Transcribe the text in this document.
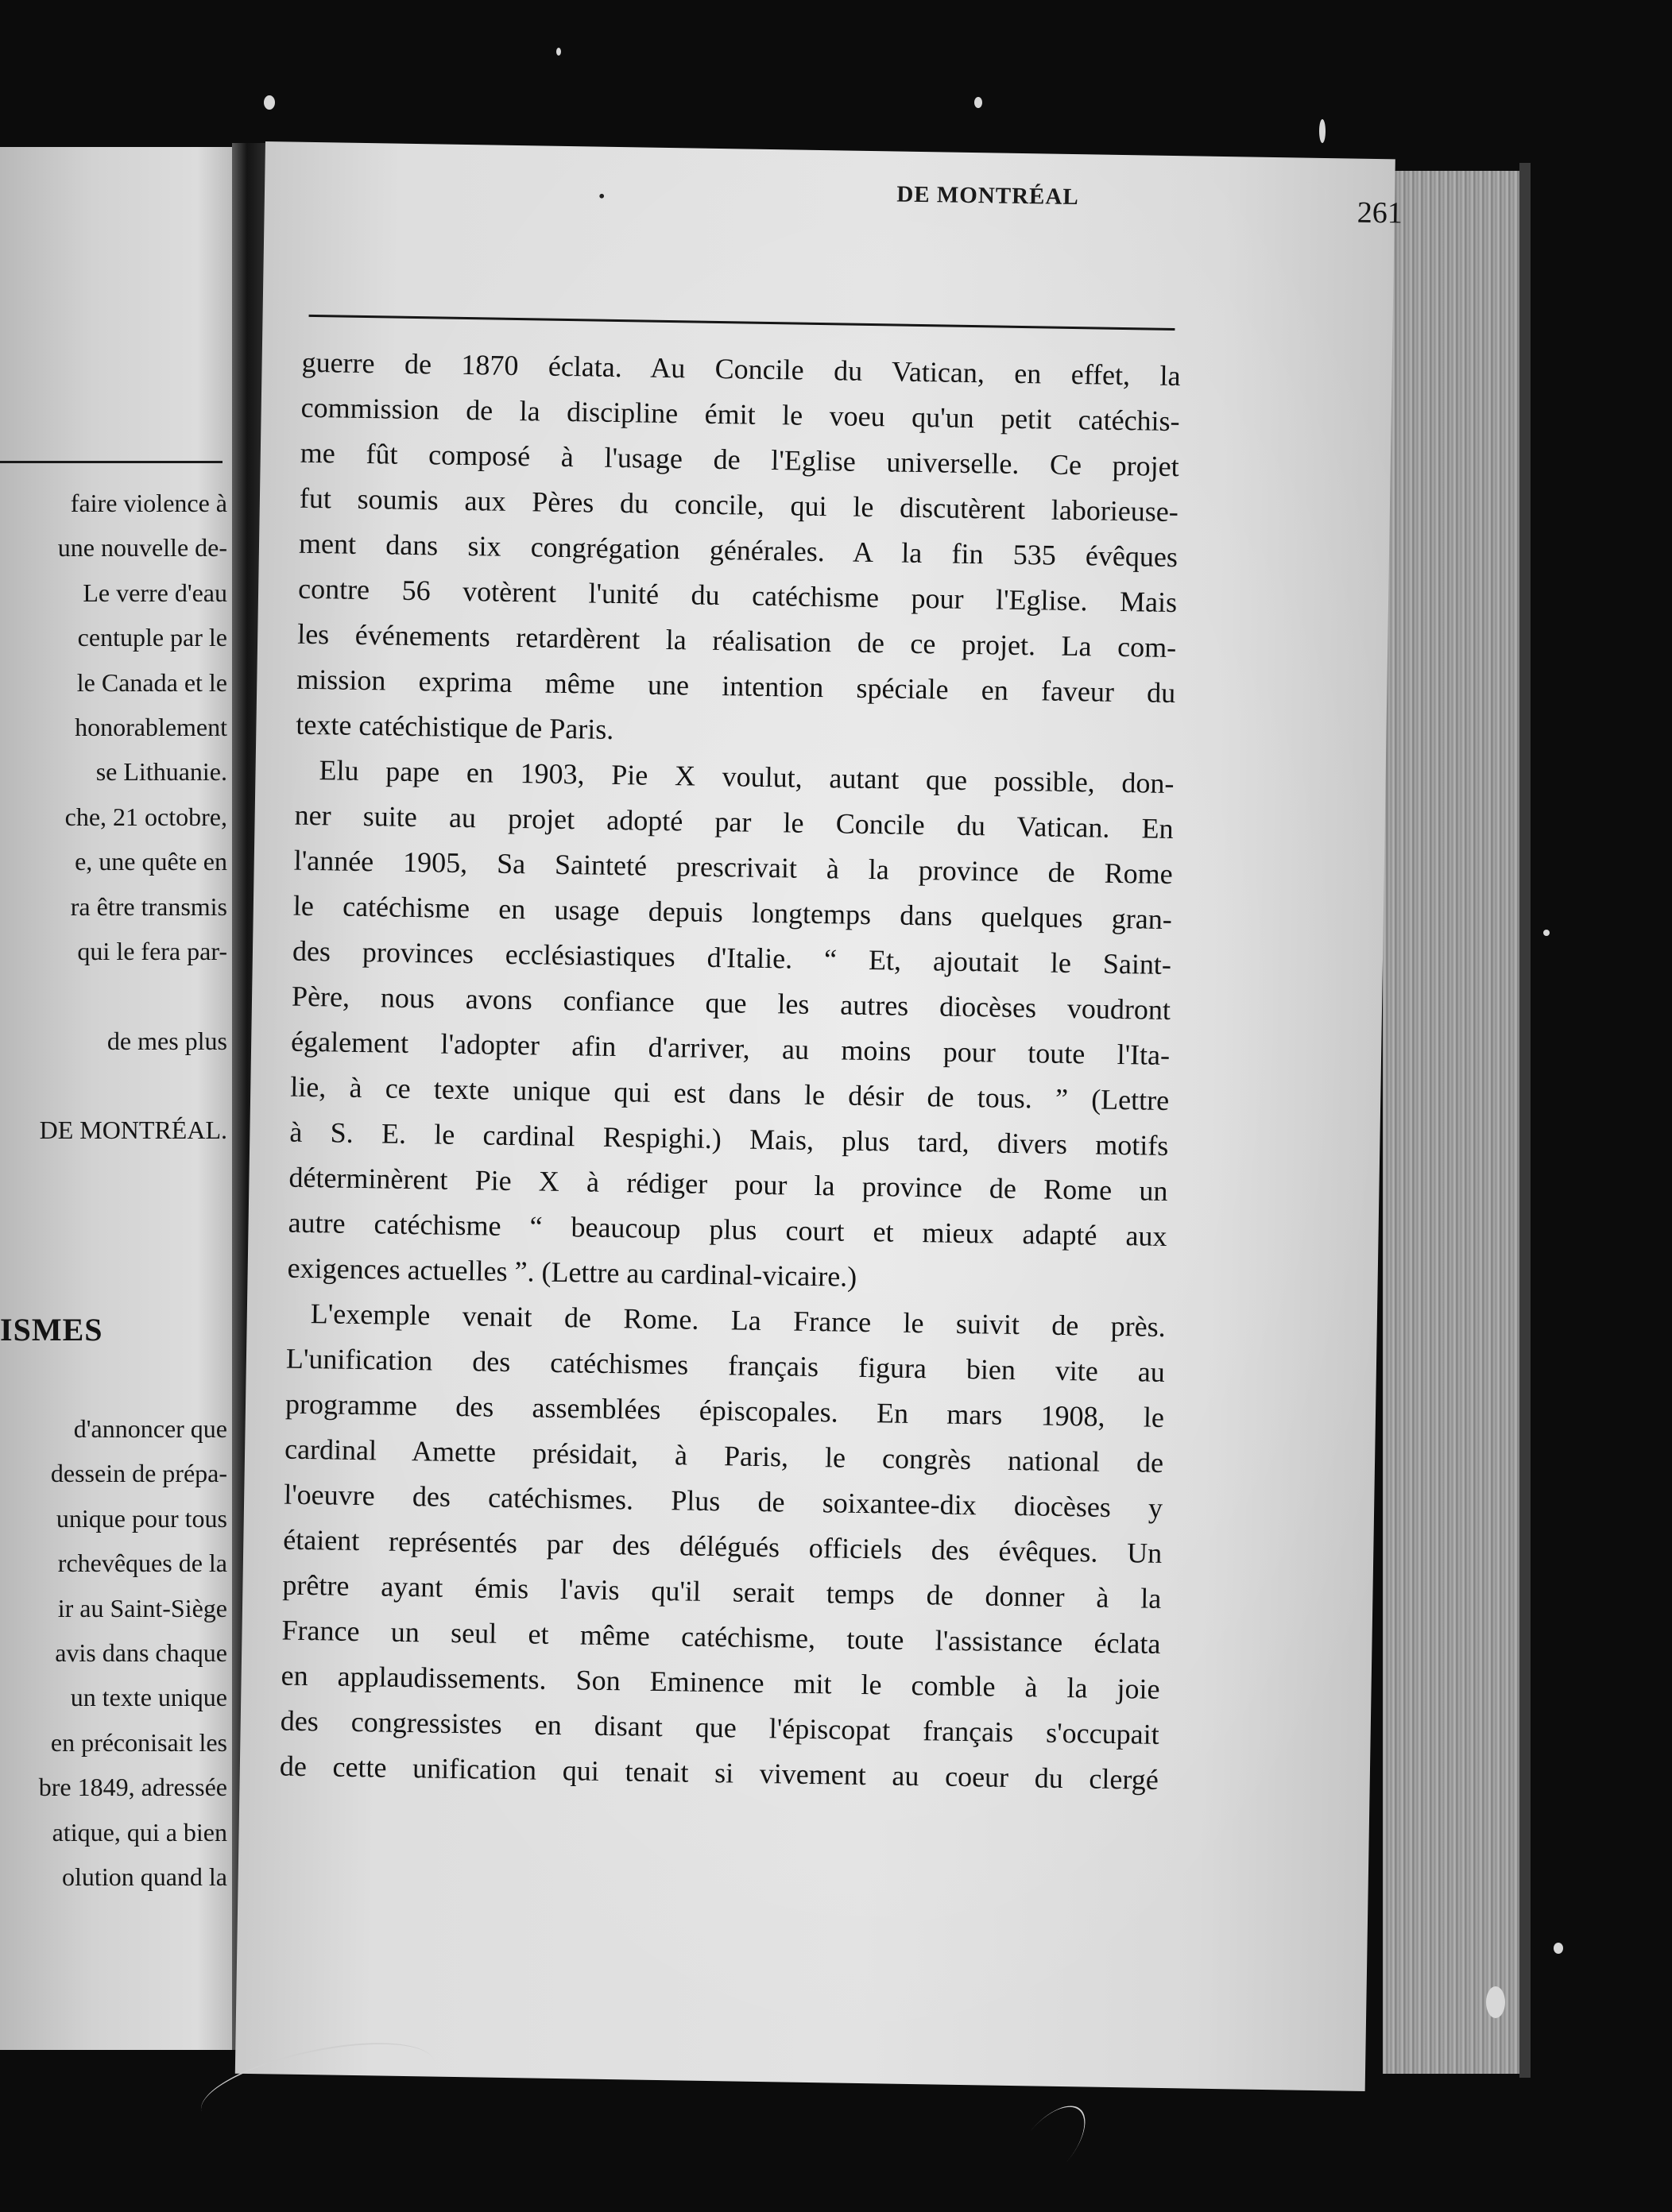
faire violence à
une nouvelle de-
Le verre d'eau
centuple par le
le Canada et le
honorablement
se Lithuanie.
che, 21 octobre,
e, une quête en
ra être transmis
qui le fera par-
de mes plus
DE MONTRÉAL.
ISMES
d'annoncer que
dessein de prépa-
unique pour tous
rchevêques de la
ir au Saint-Siège
avis dans chaque
un texte unique
en préconisait les
bre 1849, adressée
atique, qui a bien
olution quand la
•	DE MONTRÉAL
261
guerre de 1870 éclata. Au Concile du Vatican, en effet, la
commission de la discipline émit le voeu qu'un petit catéchis-
me fût composé à l'usage de l'Eglise universelle. Ce projet
fut soumis aux Pères du concile, qui le discutèrent laborieuse-
ment dans six congrégation générales. A la fin 535 évêques
contre 56 votèrent l'unité du catéchisme pour l'Eglise. Mais
les événements retardèrent la réalisation de ce projet. La com-
mission exprima même une intention spéciale en faveur du
texte catéchistique de Paris.
Elu pape en 1903, Pie X voulut, autant que possible, don-
ner suite au projet adopté par le Concile du Vatican. En
l'année 1905, Sa Sainteté prescrivait à la province de Rome
le catéchisme en usage depuis longtemps dans quelques gran-
des provinces ecclésiastiques d'Italie. “ Et, ajoutait le Saint-
Père, nous avons confiance que les autres diocèses voudront
également l'adopter afin d'arriver, au moins pour toute l'Ita-
lie, à ce texte unique qui est dans le désir de tous. ” (Lettre
à S. E. le cardinal Respighi.) Mais, plus tard, divers motifs
déterminèrent Pie X à rédiger pour la province de Rome un
autre catéchisme “ beaucoup plus court et mieux adapté aux
exigences actuelles ”. (Lettre au cardinal-vicaire.)
L'exemple venait de Rome. La France le suivit de près.
L'unification des catéchismes français figura bien vite au
programme des assemblées épiscopales. En mars 1908, le
cardinal Amette présidait, à Paris, le congrès national de
l'oeuvre des catéchismes. Plus de soixantee-dix diocèses y
étaient représentés par des délégués officiels des évêques. Un
prêtre ayant émis l'avis qu'il serait temps de donner à la
France un seul et même catéchisme, toute l'assistance éclata
en applaudissements. Son Eminence mit le comble à la joie
des congressistes en disant que l'épiscopat français s'occupait
de cette unification qui tenait si vivement au coeur du clergé
